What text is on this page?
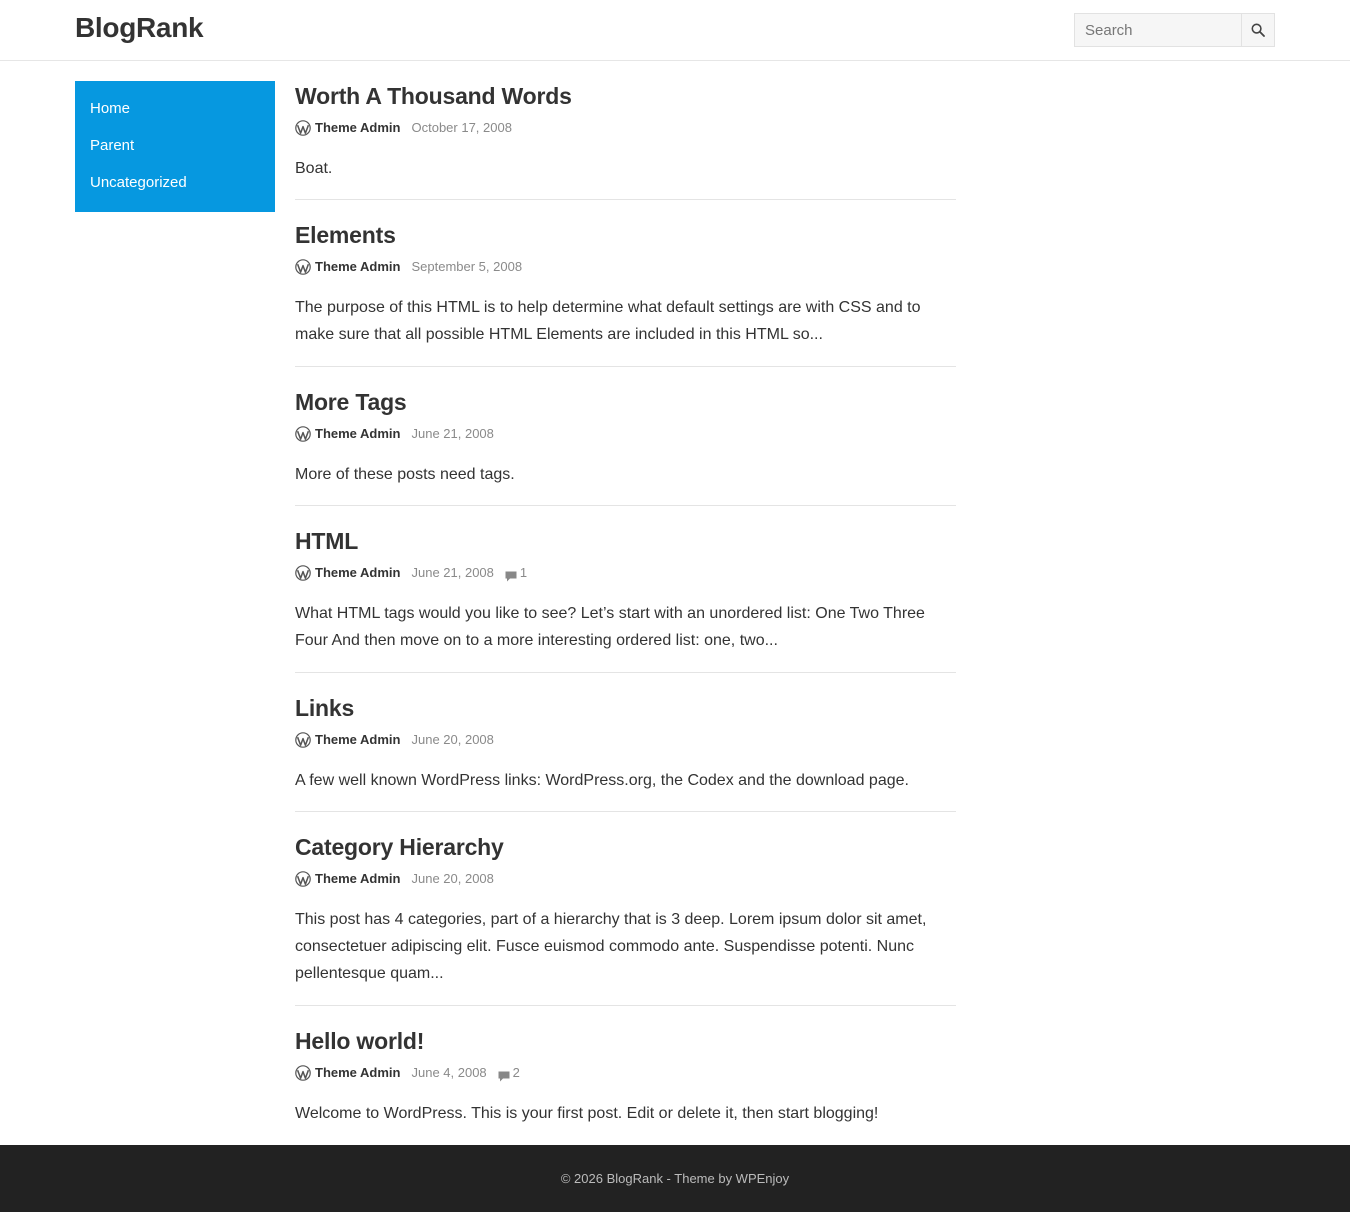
BlogRank
Search
Home
Parent
Uncategorized
Worth A Thousand Words
Theme Admin October 17, 2008

Boat.

Elements
Theme Admin September 5, 2008

The purpose of this HTML is to help determine what default settings are with CSS and to make sure that all possible HTML Elements are included in this HTML so...

More Tags
Theme Admin June 21, 2008

More of these posts need tags.

HTML
Theme Admin June 21, 2008 1

What HTML tags would you like to see? Let’s start with an unordered list: One Two Three Four And then move on to a more interesting ordered list: one, two...

Links
Theme Admin June 20, 2008

A few well known WordPress links: WordPress.org, the Codex and the download page.

Category Hierarchy
Theme Admin June 20, 2008

This post has 4 categories, part of a hierarchy that is 3 deep. Lorem ipsum dolor sit amet, consectetuer adipiscing elit. Fusce euismod commodo ante. Suspendisse potenti. Nunc pellentesque quam...

Hello world!
Theme Admin June 4, 2008 2

Welcome to WordPress. This is your first post. Edit or delete it, then start blogging!

© 2026 BlogRank - Theme by WPEnjoy
